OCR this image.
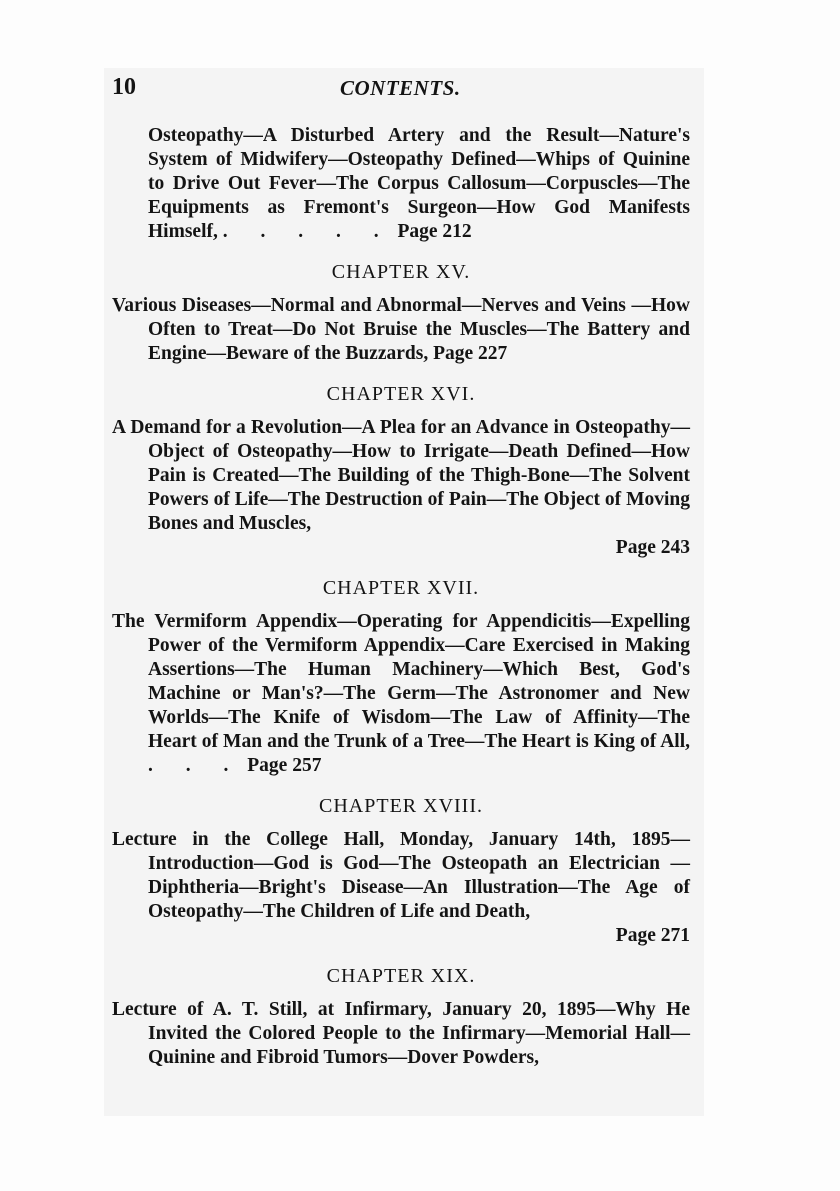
10	CONTENTS.
Osteopathy—A Disturbed Artery and the Result—Nature's System of Midwifery—Osteopathy Defined—Whips of Quinine to Drive Out Fever—The Corpus Callosum—Corpuscles—The Equipments as Fremont's Surgeon—How God Manifests Himself, . . . . . Page 212
CHAPTER XV.
Various Diseases—Normal and Abnormal—Nerves and Veins —How Often to Treat—Do Not Bruise the Muscles—The Battery and Engine—Beware of the Buzzards, Page 227
CHAPTER XVI.
A Demand for a Revolution—A Plea for an Advance in Osteopathy—Object of Osteopathy—How to Irrigate—Death Defined—How Pain is Created—The Building of the Thigh-Bone—The Solvent Powers of Life—The Destruction of Pain—The Object of Moving Bones and Muscles,
Page 243
CHAPTER XVII.
The Vermiform Appendix—Operating for Appendicitis—Expelling Power of the Vermiform Appendix—Care Exercised in Making Assertions—The Human Machinery—Which Best, God's Machine or Man's?—The Germ—The Astronomer and New Worlds—The Knife of Wisdom—The Law of Affinity—The Heart of Man and the Trunk of a Tree—The Heart is King of All, . . . Page 257
CHAPTER XVIII.
Lecture in the College Hall, Monday, January 14th, 1895—Introduction—God is God—The Osteopath an Electrician —Diphtheria—Bright's Disease—An Illustration—The Age of Osteopathy—The Children of Life and Death,
Page 271
CHAPTER XIX.
Lecture of A. T. Still, at Infirmary, January 20, 1895—Why He Invited the Colored People to the Infirmary—Memorial Hall—Quinine and Fibroid Tumors—Dover Powders,
